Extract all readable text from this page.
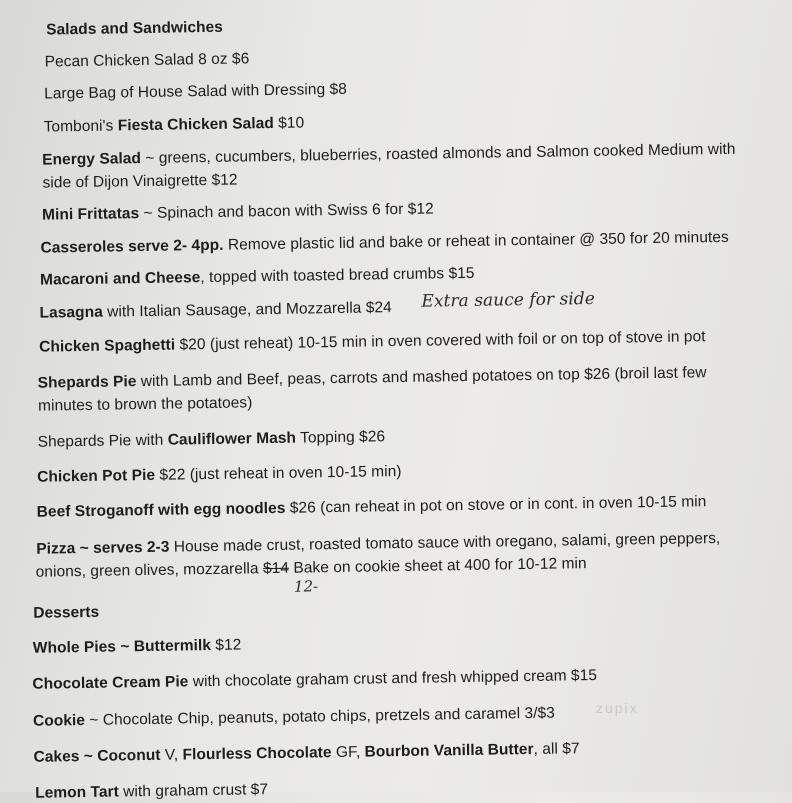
Salads and Sandwiches
Pecan Chicken Salad 8 oz $6
Large Bag of House Salad with Dressing $8
Tomboni's Fiesta Chicken Salad $10
Energy Salad ~ greens, cucumbers, blueberries, roasted almonds and Salmon cooked Medium with
side of Dijon Vinaigrette $12
Mini Frittatas ~ Spinach and bacon with Swiss 6 for $12
Casseroles serve 2- 4pp. Remove plastic lid and bake or reheat in container @ 350 for 20 minutes
Macaroni and Cheese, topped with toasted bread crumbs $15
Lasagna with Italian Sausage, and Mozzarella $24 Extra sauce for side
Chicken Spaghetti $20 (just reheat) 10-15 min in oven covered with foil or on top of stove in pot
Shepards Pie with Lamb and Beef, peas, carrots and mashed potatoes on top $26 (broil last few
minutes to brown the potatoes)
Shepards Pie with Cauliflower Mash Topping $26
Chicken Pot Pie $22 (just reheat in oven 10-15 min)
Beef Stroganoff with egg noodles $26 (can reheat in pot on stove or in cont. in oven 10-15 min
Pizza ~ serves 2-3 House made crust, roasted tomato sauce with oregano, salami, green peppers,
onions, green olives, mozzarella $14 Bake on cookie sheet at 400 for 10-12 min
12-
Desserts
Whole Pies ~ Buttermilk $12
Chocolate Cream Pie with chocolate graham crust and fresh whipped cream $15
Cookie ~ Chocolate Chip, peanuts, potato chips, pretzels and caramel 3/$3
Cakes ~ Coconut V, Flourless Chocolate GF, Bourbon Vanilla Butter, all $7
Lemon Tart with graham crust $7
zupix
